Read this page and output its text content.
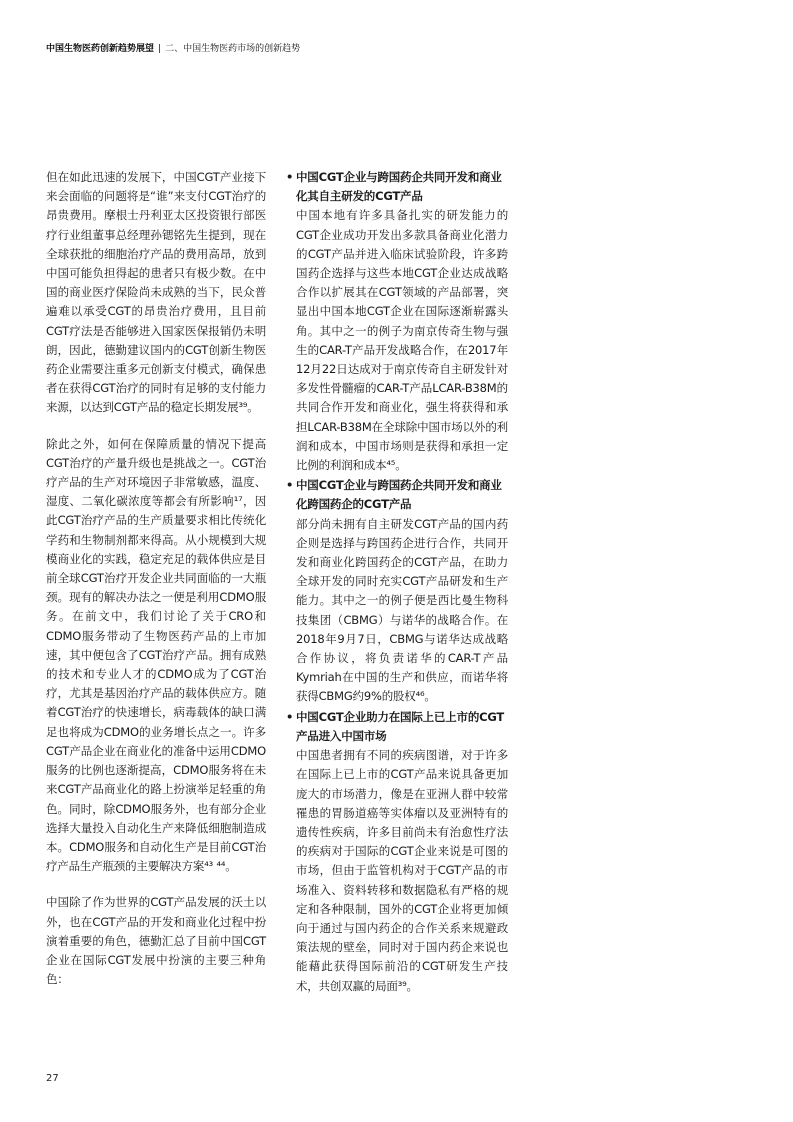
中国生物医药创新趋势展望 | 二、中国生物医药市场的创新趋势

但在如此迅速的发展下，中国CGT产业接下来会面临的问题将是“谁”来支付CGT治疗的昂贵费用。摩根士丹利亚太区投资银行部医疗行业组董事总经理孙锶铭先生提到，现在全球获批的细胞治疗产品的费用高昂，放到中国可能负担得起的患者只有极少数。在中国的商业医疗保险尚未成熟的当下，民众普遍难以承受CGT的昂贵治疗费用，且目前CGT疗法是否能够进入国家医保报销仍未明朗，因此，德勤建议国内的CGT创新生物医药企业需要注重多元创新支付模式，确保患者在获得CGT治疗的同时有足够的支付能力来源，以达到CGT产品的稳定长期发展³⁹。

除此之外，如何在保障质量的情况下提高CGT治疗的产量升级也是挑战之一。CGT治疗产品的生产对环境因子非常敏感，温度、湿度、二氧化碳浓度等都会有所影响¹⁷，因此CGT治疗产品的生产质量要求相比传统化学药和生物制剂都来得高。从小规模到大规模商业化的实践，稳定充足的载体供应是目前全球CGT治疗开发企业共同面临的一大瓶颈。现有的解决办法之一便是利用CDMO服务。在前文中，我们讨论了关于CRO和CDMO服务带动了生物医药产品的上市加速，其中便包含了CGT治疗产品。拥有成熟的技术和专业人才的CDMO成为了CGT治疗，尤其是基因治疗产品的载体供应方。随着CGT治疗的快速增长，病毒载体的缺口满足也将成为CDMO的业务增长点之一。许多CGT产品企业在商业化的准备中运用CDMO服务的比例也逐渐提高，CDMO服务将在未来CGT产品商业化的路上扮演举足轻重的角色。同时，除CDMO服务外，也有部分企业选择大量投入自动化生产来降低细胞制造成本。CDMO服务和自动化生产是目前CGT治疗产品生产瓶颈的主要解决方案⁴³ ⁴⁴。

中国除了作为世界的CGT产品发展的沃土以外，也在CGT产品的开发和商业化过程中扮演着重要的角色，德勤汇总了目前中国CGT企业在国际CGT发展中扮演的主要三种角色：

• 中国CGT企业与跨国药企共同开发和商业化其自主研发的CGT产品
中国本地有许多具备扎实的研发能力的CGT企业成功开发出多款具备商业化潜力的CGT产品并进入临床试验阶段，许多跨国药企选择与这些本地CGT企业达成战略合作以扩展其在CGT领域的产品部署，突显出中国本地CGT企业在国际逐渐崭露头角。其中之一的例子为南京传奇生物与强生的CAR-T产品开发战略合作，在2017年12月22日达成对于南京传奇自主研发针对多发性骨髓瘤的CAR-T产品LCAR-B38M的共同合作开发和商业化，强生将获得和承担LCAR-B38M在全球除中国市场以外的利润和成本，中国市场则是获得和承担一定比例的利润和成本⁴⁵。
• 中国CGT企业与跨国药企共同开发和商业化跨国药企的CGT产品
部分尚未拥有自主研发CGT产品的国内药企则是选择与跨国药企进行合作，共同开发和商业化跨国药企的CGT产品，在助力全球开发的同时充实CGT产品研发和生产能力。其中之一的例子便是西比曼生物科技集团（CBMG）与诺华的战略合作。在2018年9月7日，CBMG与诺华达成战略合作协议，将负责诺华的CAR-T产品Kymriah在中国的生产和供应，而诺华将获得CBMG约9%的股权⁴⁶。
• 中国CGT企业助力在国际上已上市的CGT产品进入中国市场
中国患者拥有不同的疾病图谱，对于许多在国际上已上市的CGT产品来说具备更加庞大的市场潜力，像是在亚洲人群中较常罹患的胃肠道癌等实体瘤以及亚洲特有的遗传性疾病，许多目前尚未有治愈性疗法的疾病对于国际的CGT企业来说是可图的市场，但由于监管机构对于CGT产品的市场准入、资料转移和数据隐私有严格的规定和各种限制，国外的CGT企业将更加倾向于通过与国内药企的合作关系来规避政策法规的壁垒，同时对于国内药企来说也能藉此获得国际前沿的CGT研发生产技术，共创双赢的局面³⁹。
27
